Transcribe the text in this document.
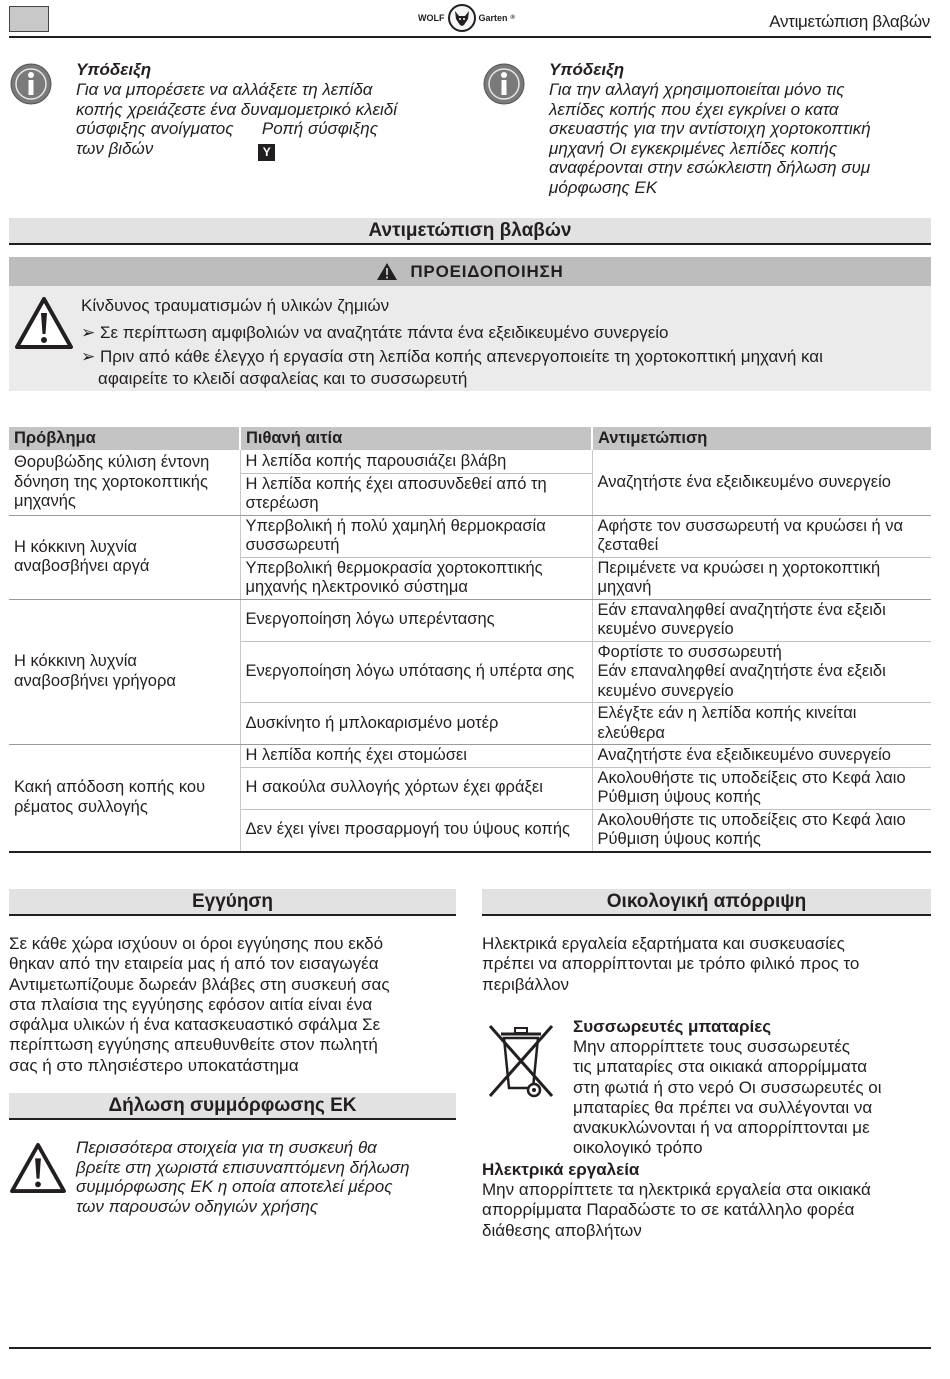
WOLF	Garten ®	Αντιμετώπιση βλαβών
Υπόδειξη
Για να μπορέσετε να αλλάξετε τη λεπίδα
κοπής χρειάζεστε ένα δυναμομετρικό κλειδί
σύσφιξης ανοίγματος      Ροπή σύσφιξης
των βιδών	Y
Υπόδειξη
Για την αλλαγή χρησιμοποιείται μόνο τις
λεπίδες κοπής που έχει εγκρίνει ο κατα
σκευαστής για την αντίστοιχη χορτοκοπτική
μηχανή Οι εγκεκριμένες λεπίδες κοπής
αναφέρονται στην εσώκλειστη δήλωση συμ
μόρφωσης ΕΚ
Αντιμετώπιση βλαβών
ΠΡΟΕΙΔΟΠΟΙΗΣΗ
Κίνδυνος τραυματισμών ή υλικών ζημιών
➢ Σε περίπτωση αμφιβολιών να αναζητάτε πάντα ένα εξειδικευμένο συνεργείο
➢ Πριν από κάθε έλεγχο ή εργασία στη λεπίδα κοπής απενεργοποιείτε τη χορτοκοπτική μηχανή και
αφαιρείτε το κλειδί ασφαλείας και το συσσωρευτή
Πρόβλημα	Πιθανή αιτία	Αντιμετώπιση
Θορυβώδης κύλιση έντονη δόνηση της χορτοκοπτικής μηχανής	Η λεπίδα κοπής παρουσιάζει βλάβη	Αναζητήστε ένα εξειδικευμένο συνεργείο
	Η λεπίδα κοπής έχει αποσυνδεθεί από τη στερέωση	
Η κόκκινη λυχνία αναβοσβήνει αργά	Υπερβολική ή πολύ χαμηλή θερμοκρασία συσσωρευτή	Αφήστε τον συσσωρευτή να κρυώσει ή να ζεσταθεί
	Υπερβολική θερμοκρασία χορτοκοπτικής μηχανής ηλεκτρονικό σύστημα	Περιμένετε να κρυώσει η χορτοκοπτική μηχανή
Η κόκκινη λυχνία αναβοσβήνει γρήγορα	Ενεργοποίηση λόγω υπερέντασης	Εάν επαναληφθεί αναζητήστε ένα εξειδι κευμένο συνεργείο
	Ενεργοποίηση λόγω υπότασης ή υπέρτα σης	Φορτίστε το συσσωρευτή
Εάν επαναληφθεί αναζητήστε ένα εξειδι κευμένο συνεργείο
	Δυσκίνητο ή μπλοκαρισμένο μοτέρ	Ελέγξτε εάν η λεπίδα κοπής κινείται ελεύθερα
Κακή απόδοση κοπής κου ρέματος συλλογής	Η λεπίδα κοπής έχει στομώσει	Αναζητήστε ένα εξειδικευμένο συνεργείο
	Η σακούλα συλλογής χόρτων έχει φράξει	Ακολουθήστε τις υποδείξεις στο Κεφά λαιο Ρύθμιση ύψους κοπής
	Δεν έχει γίνει προσαρμογή του ύψους κοπής	Ακολουθήστε τις υποδείξεις στο Κεφά λαιο Ρύθμιση ύψους κοπής
Εγγύηση
Σε κάθε χώρα ισχύουν οι όροι εγγύησης που εκδό
θηκαν από την εταιρεία μας ή από τον εισαγωγέα
Αντιμετωπίζουμε δωρεάν βλάβες στη συσκευή σας
στα πλαίσια της εγγύησης εφόσον αιτία είναι ένα
σφάλμα υλικών ή ένα κατασκευαστικό σφάλμα Σε
περίπτωση εγγύησης απευθυνθείτε στον πωλητή
σας ή στο πλησιέστερο υποκατάστημα
Δήλωση συμμόρφωσης ΕΚ
Περισσότερα στοιχεία για τη συσκευή θα
βρείτε στη χωριστά επισυναπτόμενη δήλωση
συμμόρφωσης ΕΚ η οποία αποτελεί μέρος
των παρουσών οδηγιών χρήσης
Οικολογική απόρριψη
Ηλεκτρικά εργαλεία εξαρτήματα και συσκευασίες
πρέπει να απορρίπτονται με τρόπο φιλικό προς το
περιβάλλον
Συσσωρευτές μπαταρίες
Μην απορρίπτετε τους συσσωρευτές
τις μπαταρίες στα οικιακά απορρίμματα
στη φωτιά ή στο νερό Οι συσσωρευτές οι
μπαταρίες θα πρέπει να συλλέγονται να
ανακυκλώνονται ή να απορρίπτονται με
οικολογικό τρόπο
Ηλεκτρικά εργαλεία
Μην απορρίπτετε τα ηλεκτρικά εργαλεία στα οικιακά
απορρίμματα Παραδώστε το σε κατάλληλο φορέα
διάθεσης αποβλήτων
